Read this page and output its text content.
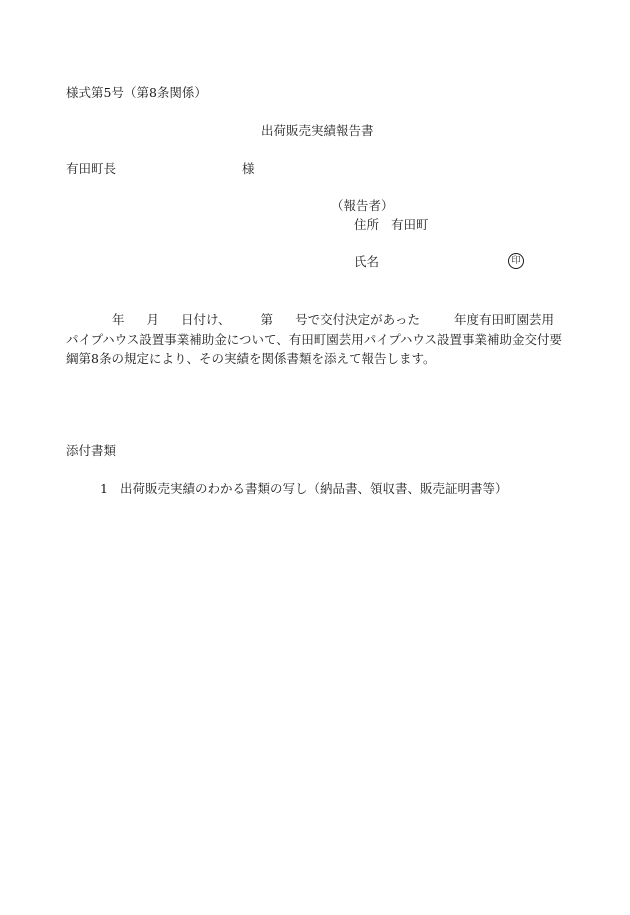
様式第5号（第8条関係）
出荷販売実績報告書
有田町長	様
（報告者）
住所 有田町
氏名	印
年 月 日付け、 第 号で交付決定があった	年度有田町園芸用
パイプハウス設置事業補助金について、有田町園芸用パイプハウス設置事業補助金交付要
綱第8条の規定により、その実績を関係書類を添えて報告します。
添付書類
1 出荷販売実績のわかる書類の写し（納品書、領収書、販売証明書等）
